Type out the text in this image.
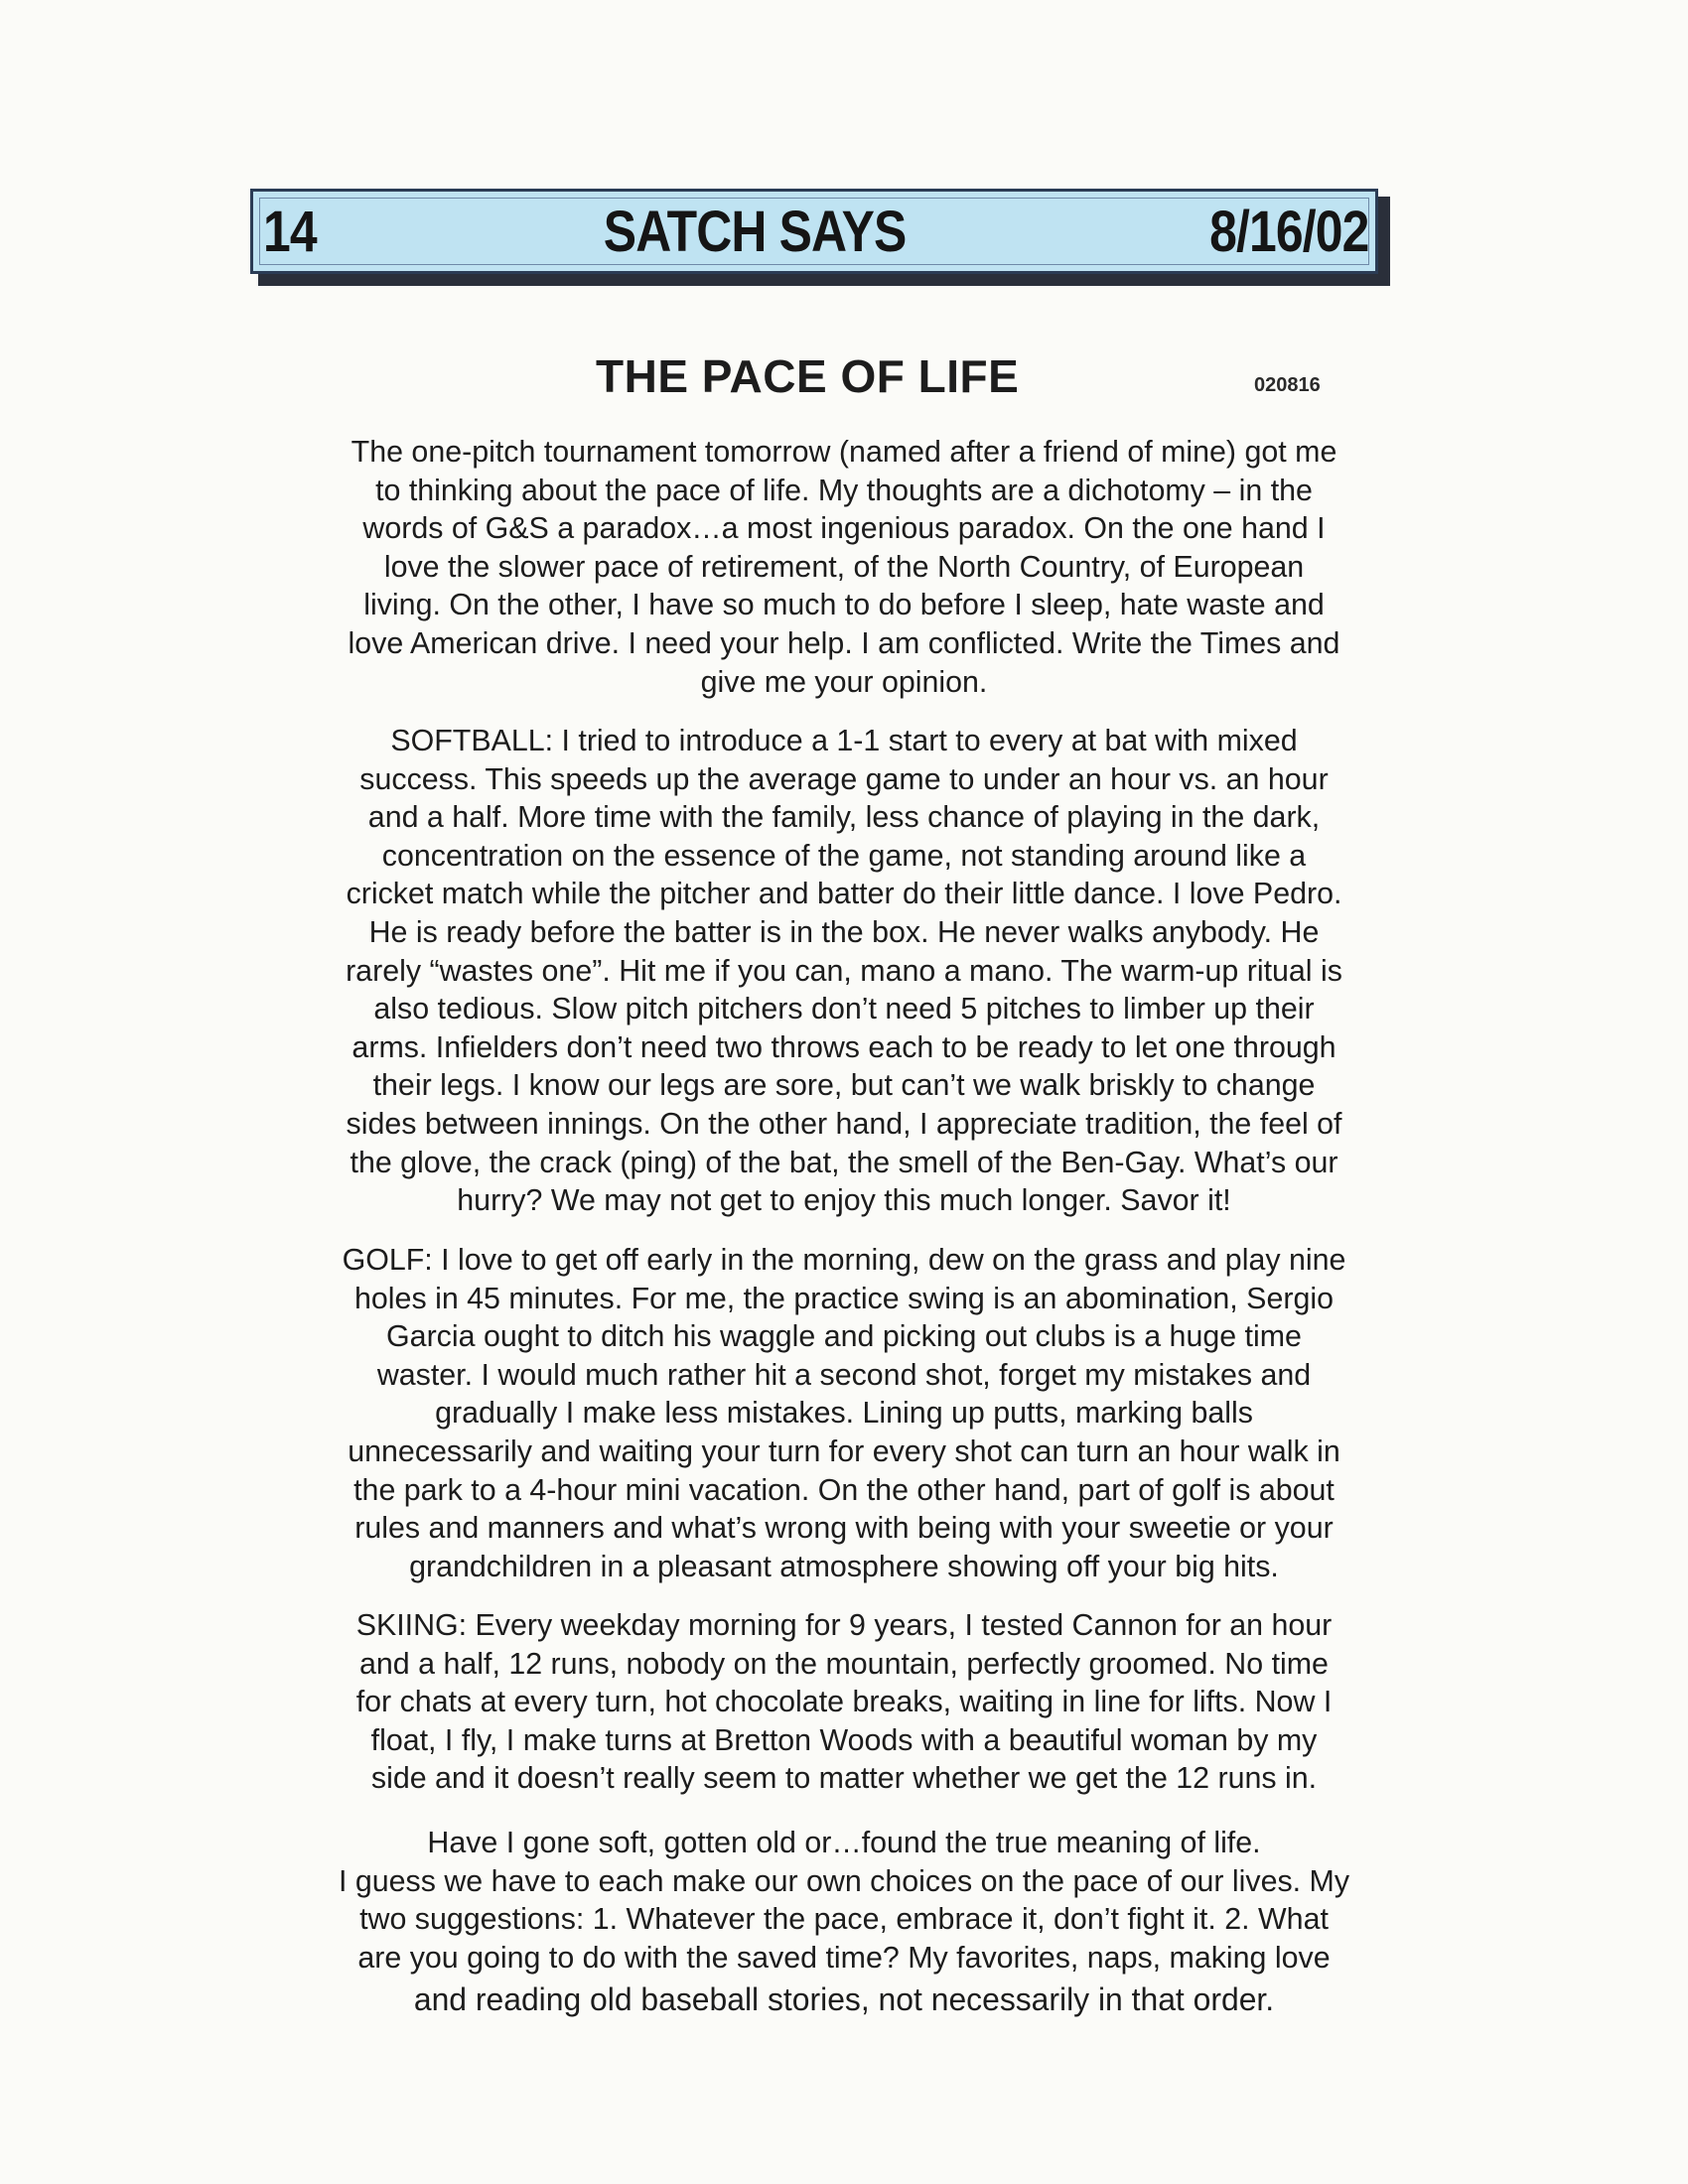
14	SATCH SAYS	8/16/02
THE PACE OF LIFE	020816
The one-pitch tournament tomorrow (named after a friend of mine) got me
to thinking about the pace of life. My thoughts are a dichotomy – in the
words of G&S a paradox…a most ingenious paradox. On the one hand I
love the slower pace of retirement, of the North Country, of European
living. On the other, I have so much to do before I sleep, hate waste and
love American drive. I need your help. I am conflicted. Write the Times and
give me your opinion.
SOFTBALL: I tried to introduce a 1-1 start to every at bat with mixed
success. This speeds up the average game to under an hour vs. an hour
and a half. More time with the family, less chance of playing in the dark,
concentration on the essence of the game, not standing around like a
cricket match while the pitcher and batter do their little dance. I love Pedro.
He is ready before the batter is in the box. He never walks anybody. He
rarely “wastes one”. Hit me if you can, mano a mano. The warm-up ritual is
also tedious. Slow pitch pitchers don’t need 5 pitches to limber up their
arms. Infielders don’t need two throws each to be ready to let one through
their legs. I know our legs are sore, but can’t we walk briskly to change
sides between innings. On the other hand, I appreciate tradition, the feel of
the glove, the crack (ping) of the bat, the smell of the Ben-Gay. What’s our
hurry? We may not get to enjoy this much longer. Savor it!
GOLF: I love to get off early in the morning, dew on the grass and play nine
holes in 45 minutes. For me, the practice swing is an abomination, Sergio
Garcia ought to ditch his waggle and picking out clubs is a huge time
waster. I would much rather hit a second shot, forget my mistakes and
gradually I make less mistakes. Lining up putts, marking balls
unnecessarily and waiting your turn for every shot can turn an hour walk in
the park to a 4-hour mini vacation. On the other hand, part of golf is about
rules and manners and what’s wrong with being with your sweetie or your
grandchildren in a pleasant atmosphere showing off your big hits.
SKIING: Every weekday morning for 9 years, I tested Cannon for an hour
and a half, 12 runs, nobody on the mountain, perfectly groomed. No time
for chats at every turn, hot chocolate breaks, waiting in line for lifts. Now I
float, I fly, I make turns at Bretton Woods with a beautiful woman by my
side and it doesn’t really seem to matter whether we get the 12 runs in.
Have I gone soft, gotten old or…found the true meaning of life.
I guess we have to each make our own choices on the pace of our lives. My
two suggestions: 1. Whatever the pace, embrace it, don’t fight it. 2. What
are you going to do with the saved time? My favorites, naps, making love
and reading old baseball stories, not necessarily in that order.
